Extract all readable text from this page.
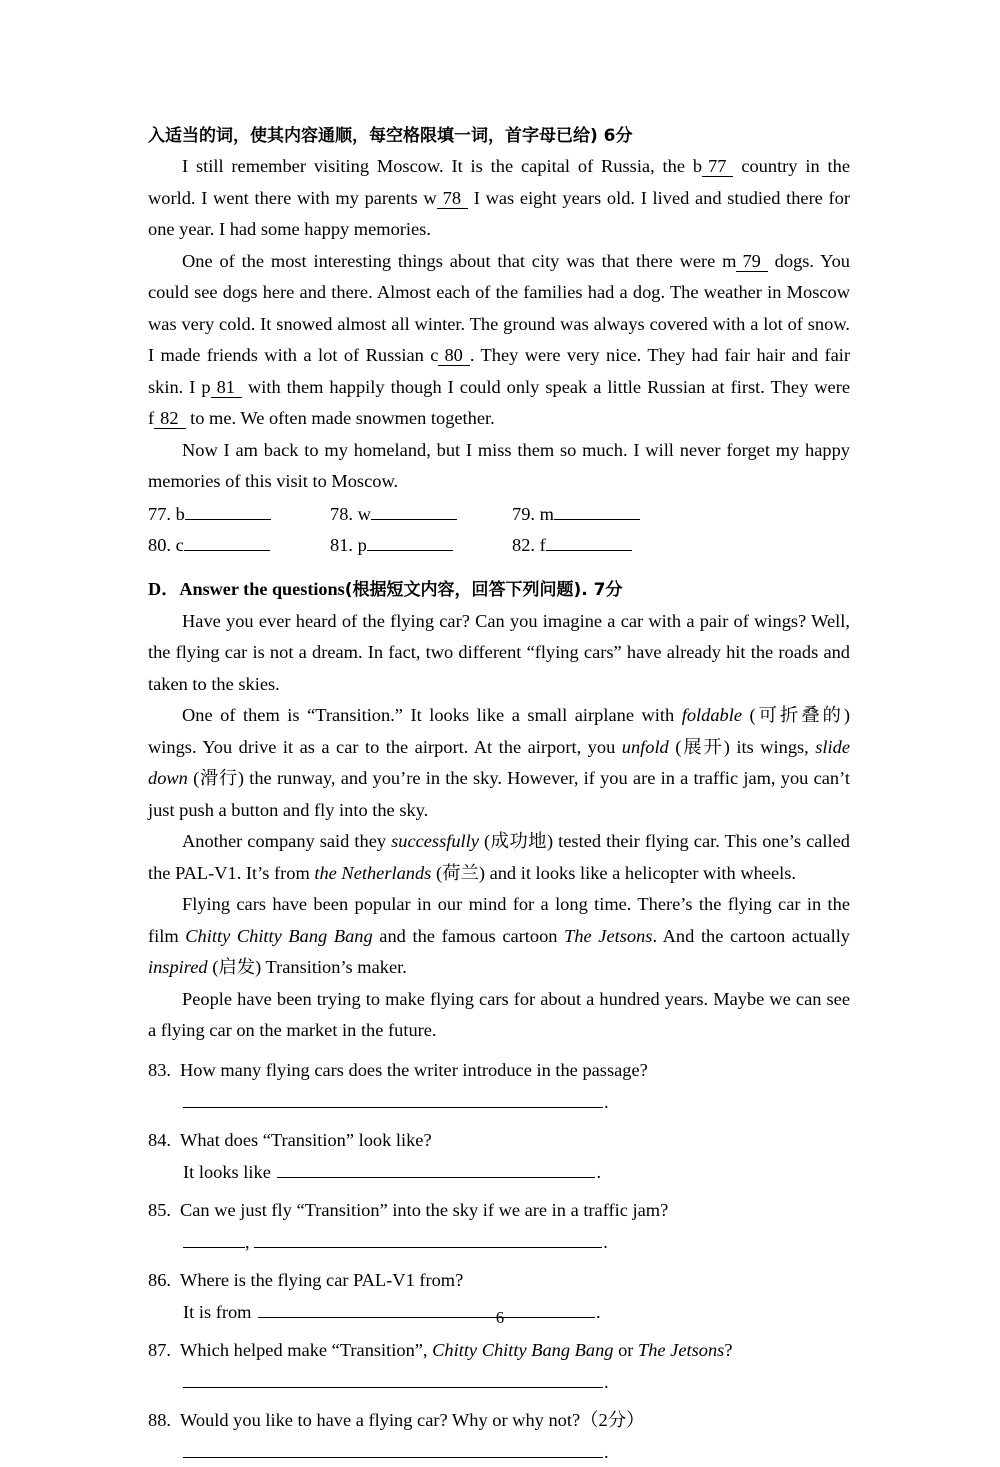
入适当的词，使其内容通顺，每空格限填一词，首字母已给) 6分

I still remember visiting Moscow. It is the capital of Russia, the b 77 country in the world. I went there with my parents w 78 I was eight years old. I lived and studied there for one year. I had some happy memories.

One of the most interesting things about that city was that there were m 79 dogs. You could see dogs here and there. Almost each of the families had a dog. The weather in Moscow was very cold. It snowed almost all winter. The ground was always covered with a lot of snow. I made friends with a lot of Russian c 80 . They were very nice. They had fair hair and fair skin. I p 81 with them happily though I could only speak a little Russian at first. They were f 82 to me. We often made snowmen together.

Now I am back to my homeland, but I miss them so much. I will never forget my happy memories of this visit to Moscow.

77. b	78. w	79. m
80. c	81. p	82. f
D．Answer the questions(根据短文内容，回答下列问题). 7分

Have you ever heard of the flying car? Can you imagine a car with a pair of wings? Well, the flying car is not a dream. In fact, two different “flying cars” have already hit the roads and taken to the skies.

One of them is “Transition.” It looks like a small airplane with foldable (可折叠的) wings. You drive it as a car to the airport. At the airport, you unfold (展开) its wings, slide down (滑行) the runway, and you’re in the sky. However, if you are in a traffic jam, you can’t just push a button and fly into the sky.

Another company said they successfully (成功地) tested their flying car. This one’s called the PAL-V1. It’s from the Netherlands (荷兰) and it looks like a helicopter with wheels.

Flying cars have been popular in our mind for a long time. There’s the flying car in the film Chitty Chitty Bang Bang and the famous cartoon The Jetsons. And the cartoon actually inspired (启发) Transition’s maker.

People have been trying to make flying cars for about a hundred years. Maybe we can see a flying car on the market in the future.

83. How many flying cars does the writer introduce in the passage?
.
84. What does “Transition” look like?
It looks like	.
85. Can we just fly “Transition” into the sky if we are in a traffic jam?
,	.
86. Where is the flying car PAL-V1 from?
It is from	.
87. Which helped make “Transition”, Chitty Chitty Bang Bang or The Jetsons?
.
88. Would you like to have a flying car? Why or why not?（2分）
.
6
